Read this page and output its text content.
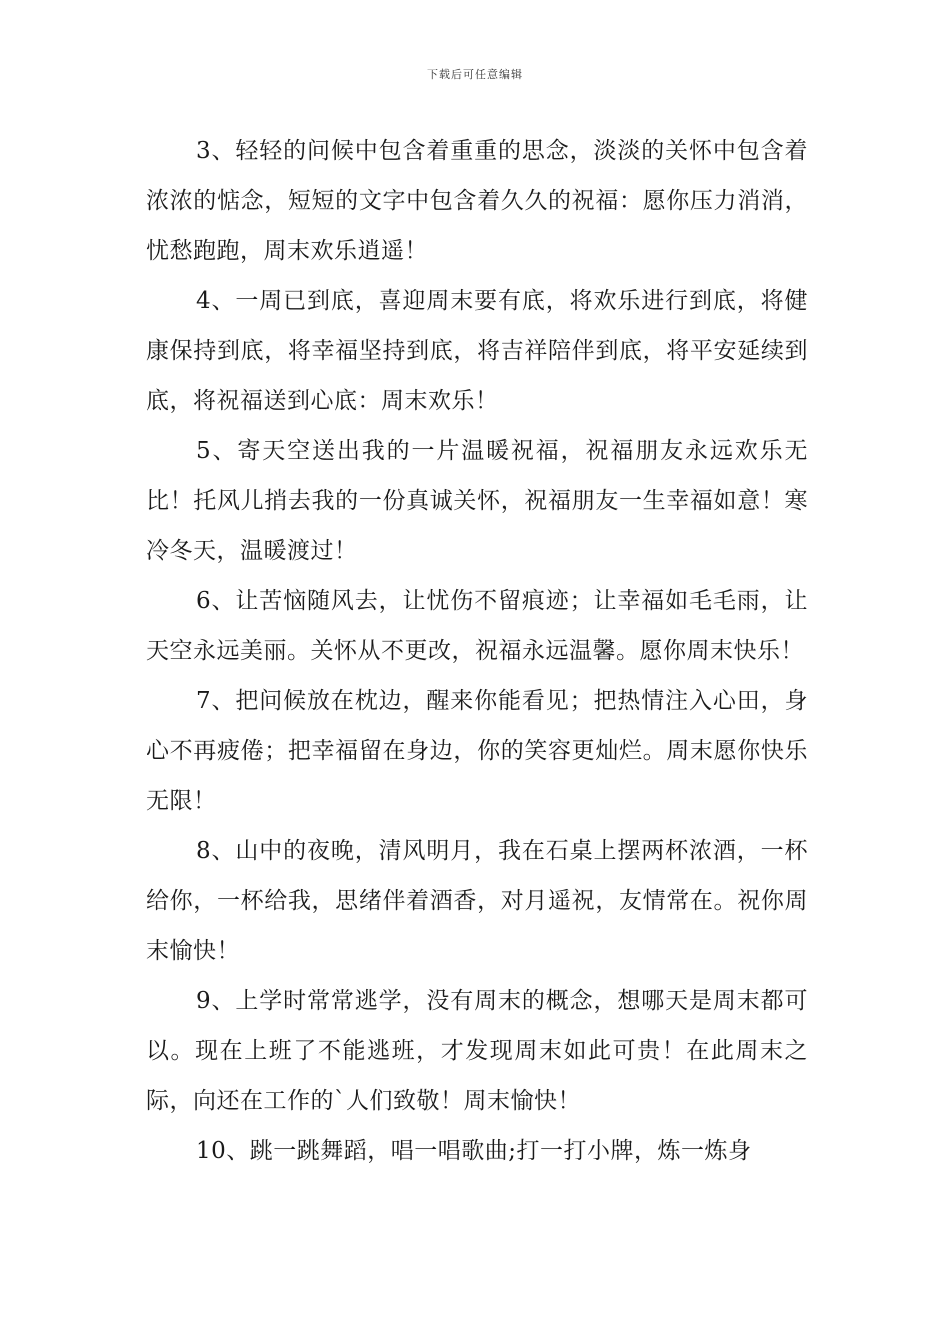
下载后可任意编辑

3、轻轻的问候中包含着重重的思念，淡淡的关怀中包含着浓浓的惦念，短短的文字中包含着久久的祝福：愿你压力消消，忧愁跑跑，周末欢乐逍遥！

4、一周已到底，喜迎周末要有底，将欢乐进行到底，将健康保持到底，将幸福坚持到底，将吉祥陪伴到底，将平安延续到底，将祝福送到心底：周末欢乐！

5、寄天空送出我的一片温暖祝福，祝福朋友永远欢乐无比！托风儿捎去我的一份真诚关怀，祝福朋友一生幸福如意！寒冷冬天，温暖渡过！

6、让苦恼随风去，让忧伤不留痕迹；让幸福如毛毛雨，让天空永远美丽。关怀从不更改，祝福永远温馨。愿你周末快乐！

7、把问候放在枕边，醒来你能看见；把热情注入心田，身心不再疲倦；把幸福留在身边，你的笑容更灿烂。周末愿你快乐无限！

8、山中的夜晚，清风明月，我在石桌上摆两杯浓酒，一杯给你，一杯给我，思绪伴着酒香，对月遥祝，友情常在。祝你周末愉快！

9、上学时常常逃学，没有周末的概念，想哪天是周末都可以。现在上班了不能逃班，才发现周末如此可贵！在此周末之际，向还在工作的`人们致敬！周末愉快！

10、跳一跳舞蹈，唱一唱歌曲;打一打小牌，炼一炼身
